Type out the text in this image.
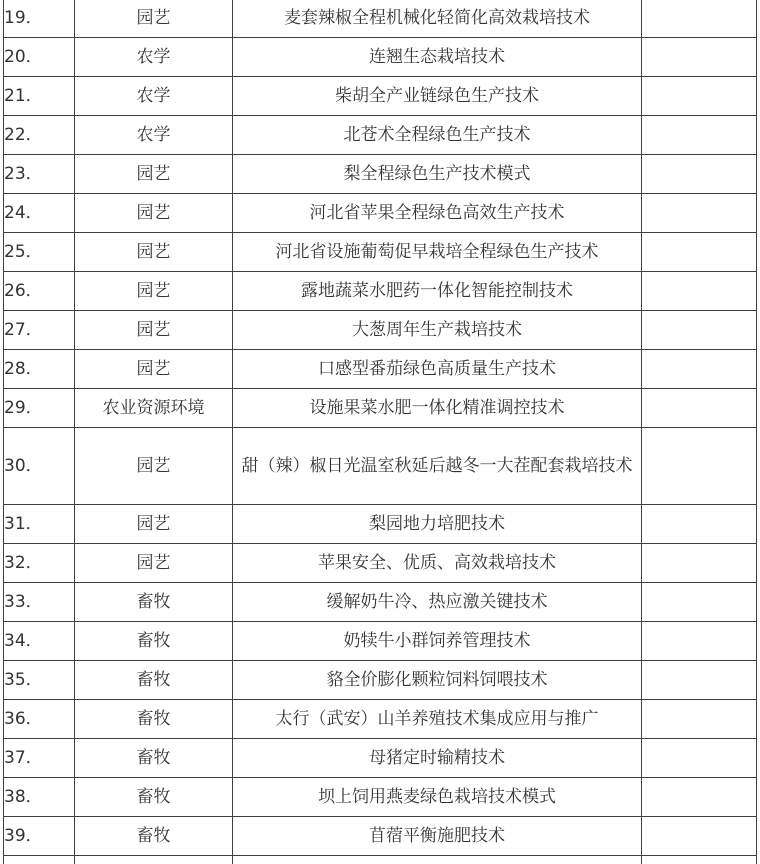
19．	园艺	麦套辣椒全程机械化轻简化高效栽培技术	
20．	农学	连翘生态栽培技术	
21．	农学	柴胡全产业链绿色生产技术	
22．	农学	北苍术全程绿色生产技术	
23．	园艺	梨全程绿色生产技术模式	
24．	园艺	河北省苹果全程绿色高效生产技术	
25．	园艺	河北省设施葡萄促早栽培全程绿色生产技术	
26．	园艺	露地蔬菜水肥药一体化智能控制技术	
27．	园艺	大葱周年生产栽培技术	
28．	园艺	口感型番茄绿色高质量生产技术	
29．	农业资源环境	设施果菜水肥一体化精准调控技术	
30．	园艺	甜（辣）椒日光温室秋延后越冬一大茬配套栽培技术	
31．	园艺	梨园地力培肥技术	
32．	园艺	苹果安全、优质、高效栽培技术	
33．	畜牧	缓解奶牛冷、热应激关键技术	
34．	畜牧	奶犊牛小群饲养管理技术	
35．	畜牧	貉全价膨化颗粒饲料饲喂技术	
36．	畜牧	太行（武安）山羊养殖技术集成应用与推广	
37．	畜牧	母猪定时输精技术	
38．	畜牧	坝上饲用燕麦绿色栽培技术模式	
39．	畜牧	苜蓿平衡施肥技术	
